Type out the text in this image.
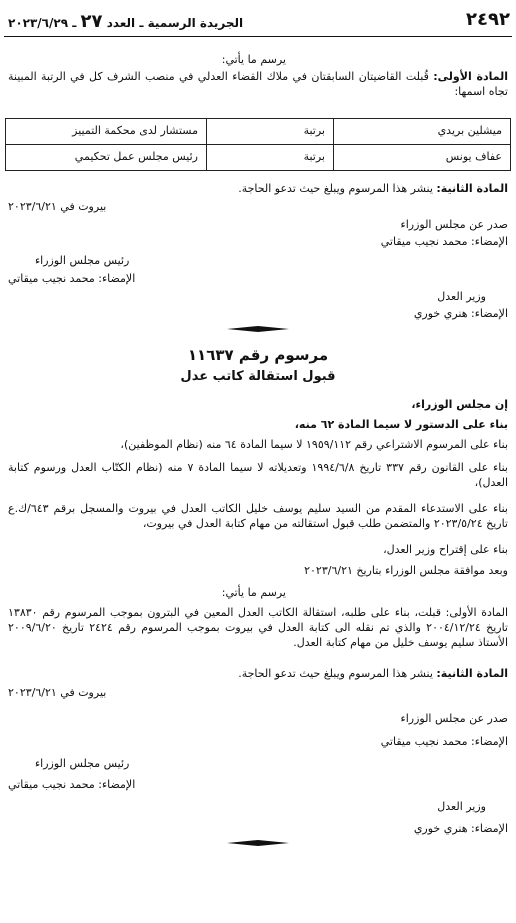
٢٤٩٢
الجريدة الرسمية ـ العدد ٢٧ ـ ٢٠٢٣/٦/٢٩
يرسم ما يأتي:
المادة الأولى: قُبلت القاضيتان السابقتان في ملاك القضاء العدلي في منصب الشرف كل في الرتبة المبينة تجاه اسمها:
ميشلين بريدي	برتبة	مستشار لدى محكمة التمييز
عفاف يونس	برتبة	رئيس مجلس عمل تحكيمي
المادة الثانية: ينشر هذا المرسوم ويبلغ حيث تدعو الحاجة.
بيروت في ٢٠٢٣/٦/٢١
صدر عن مجلس الوزراء
الإمضاء: محمد نجيب ميقاتي
رئيس مجلس الوزراء
الإمضاء: محمد نجيب ميقاتي
وزير العدل
الإمضاء: هنري خوري
مرسوم رقم ١١٦٣٧
قبول استقالة كاتب عدل
إن مجلس الوزراء،
بناء على الدستور لا سيما المادة ٦٢ منه،
بناء على المرسوم الاشتراعي رقم ١٩٥٩/١١٢ لا سيما المادة ٦٤ منه (نظام الموظفين)،
بناء على القانون رقم ٣٣٧ تاريخ ١٩٩٤/٦/٨ وتعديلاته لا سيما المادة ٧ منه (نظام الكتّاب العدل ورسوم كتابة العدل)،
بناء على الاستدعاء المقدم من السيد سليم يوسف خليل الكاتب العدل في بيروت والمسجل برقم ٦٤٣/ك.ع تاريخ ٢٠٢٣/٥/٢٤ والمتضمن طلب قبول استقالته من مهام كتابة العدل في بيروت،
بناء على إقتراح وزير العدل،
وبعد موافقة مجلس الوزراء بتاريخ ٢٠٢٣/٦/٢١
يرسم ما يأتي:
المادة الأولى: قبلت، بناء على طلبه، استقالة الكاتب العدل المعين في البترون بموجب المرسوم رقم ١٣٨٣٠ تاريخ ٢٠٠٤/١٢/٢٤ والذي تم نقله الى كتابة العدل في بيروت بموجب المرسوم رقم ٢٤٢٤ تاريخ ٢٠٠٩/٦/٢٠ الأستاذ سليم يوسف خليل من مهام كتابة العدل.
المادة الثانية: ينشر هذا المرسوم ويبلغ حيث تدعو الحاجة.
بيروت في ٢٠٢٣/٦/٢١
صدر عن مجلس الوزراء
الإمضاء: محمد نجيب ميقاتي
رئيس مجلس الوزراء
الإمضاء: محمد نجيب ميقاتي
وزير العدل
الإمضاء: هنري خوري
